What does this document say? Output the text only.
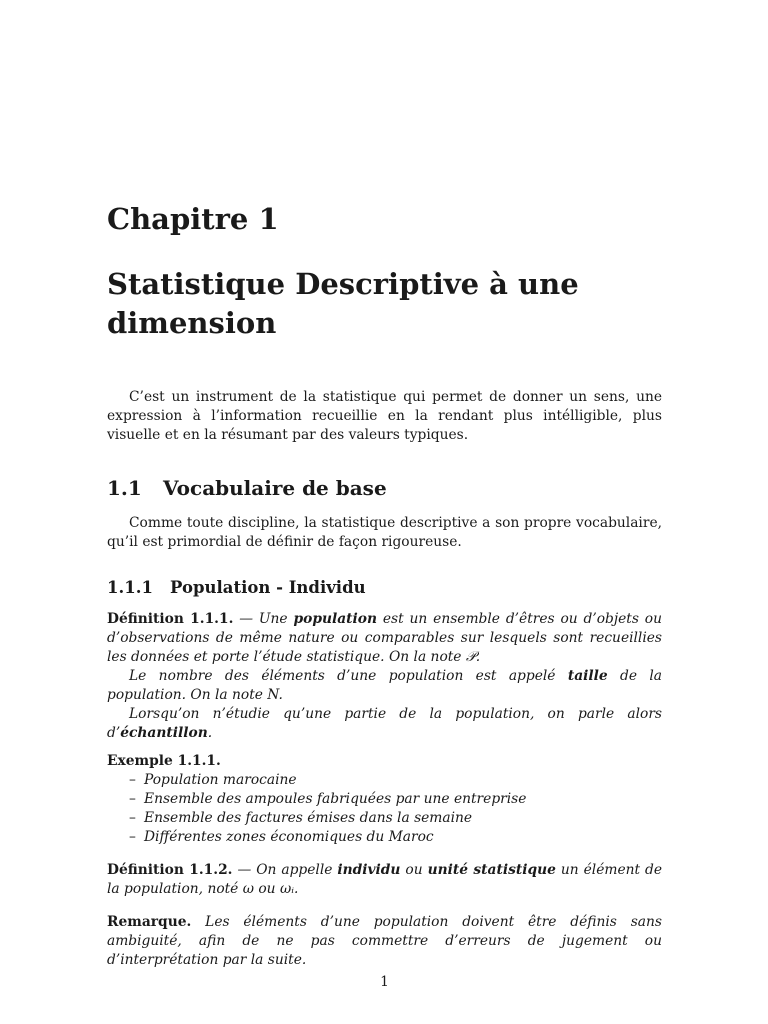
Chapitre 1
Statistique Descriptive à une dimension
C’est un instrument de la statistique qui permet de donner un sens, une expression à l’information recueillie en la rendant plus intélligible, plus visuelle et en la résumant par des valeurs typiques.
1.1 Vocabulaire de base
Comme toute discipline, la statistique descriptive a son propre vocabulaire, qu’il est primordial de définir de façon rigoureuse.
1.1.1 Population - Individu
Définition 1.1.1. — Une population est un ensemble d’êtres ou d’objets ou d’observations de même nature ou comparables sur lesquels sont recueillies les données et porte l’étude statistique. On la note 𝒫.
Le nombre des éléments d’une population est appelé taille de la population. On la note N.
Lorsqu’on n’étudie qu’une partie de la population, on parle alors d’échantillon.
Exemple 1.1.1.
– Population marocaine
– Ensemble des ampoules fabriquées par une entreprise
– Ensemble des factures émises dans la semaine
– Différentes zones économiques du Maroc
Définition 1.1.2. — On appelle individu ou unité statistique un élément de la population, noté ω ou ωᵢ.
Remarque. Les éléments d’une population doivent être définis sans ambiguité, afin de ne pas commettre d’erreurs de jugement ou d’interprétation par la suite.
1
